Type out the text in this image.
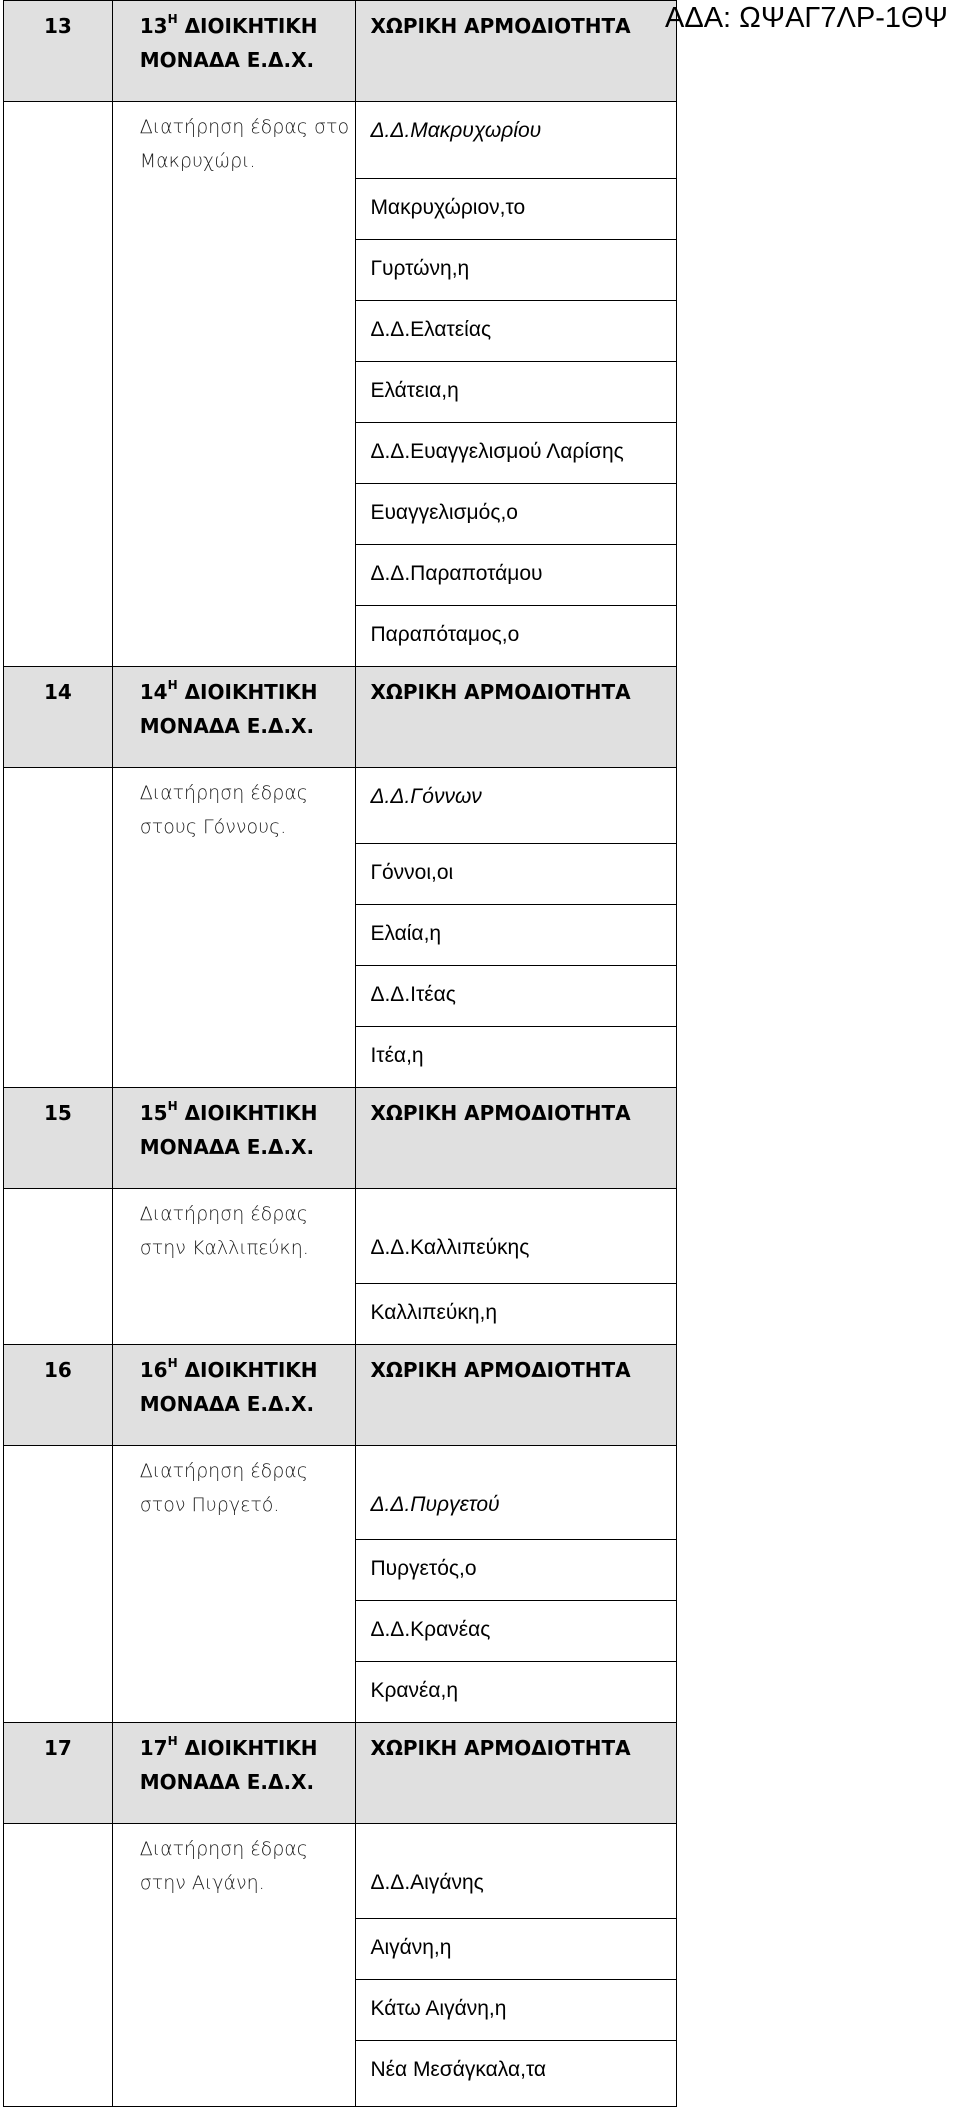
ΑΔΑ: ΩΨΑΓ7ΛΡ-1ΘΨ
13	$13^H$ ΔΙΟΙΚΗΤΙΚΗ ΜΟΝΑΔΑ Ε.Δ.Χ.	ΧΩΡΙΚΗ ΑΡΜΟΔΙΟΤΗΤΑ

	Διατήρηση έδρας στο Μακρυχώρι.	Δ.Δ.Μακρυχωρίου

		Μακρυχώριον,το

		Γυρτώνη,η

		Δ.Δ.Ελατείας

		Ελάτεια,η

		Δ.Δ.Ευαγγελισμού Λαρίσης

		Ευαγγελισμός,ο

		Δ.Δ.Παραποτάμου

		Παραπόταμος,ο

14	$14^H$ ΔΙΟΙΚΗΤΙΚΗ ΜΟΝΑΔΑ Ε.Δ.Χ.	ΧΩΡΙΚΗ ΑΡΜΟΔΙΟΤΗΤΑ

	Διατήρηση έδρας στους Γόννους.	Δ.Δ.Γόννων

		Γόννοι,οι

		Ελαία,η

		Δ.Δ.Ιτέας

		Ιτέα,η

15	$15^H$ ΔΙΟΙΚΗΤΙΚΗ ΜΟΝΑΔΑ Ε.Δ.Χ.	ΧΩΡΙΚΗ ΑΡΜΟΔΙΟΤΗΤΑ

	Διατήρηση έδρας στην Καλλιπεύκη.	Δ.Δ.Καλλιπεύκης

		Καλλιπεύκη,η

16	$16^H$ ΔΙΟΙΚΗΤΙΚΗ ΜΟΝΑΔΑ Ε.Δ.Χ.	ΧΩΡΙΚΗ ΑΡΜΟΔΙΟΤΗΤΑ

	Διατήρηση έδρας στον Πυργετό.	Δ.Δ.Πυργετού

		Πυργετός,ο

		Δ.Δ.Κρανέας

		Κρανέα,η

17	$17^H$ ΔΙΟΙΚΗΤΙΚΗ ΜΟΝΑΔΑ Ε.Δ.Χ.	ΧΩΡΙΚΗ ΑΡΜΟΔΙΟΤΗΤΑ

	Διατήρηση έδρας στην Αιγάνη.	Δ.Δ.Αιγάνης

		Αιγάνη,η

		Κάτω Αιγάνη,η

		Νέα Μεσάγκαλα,τα
